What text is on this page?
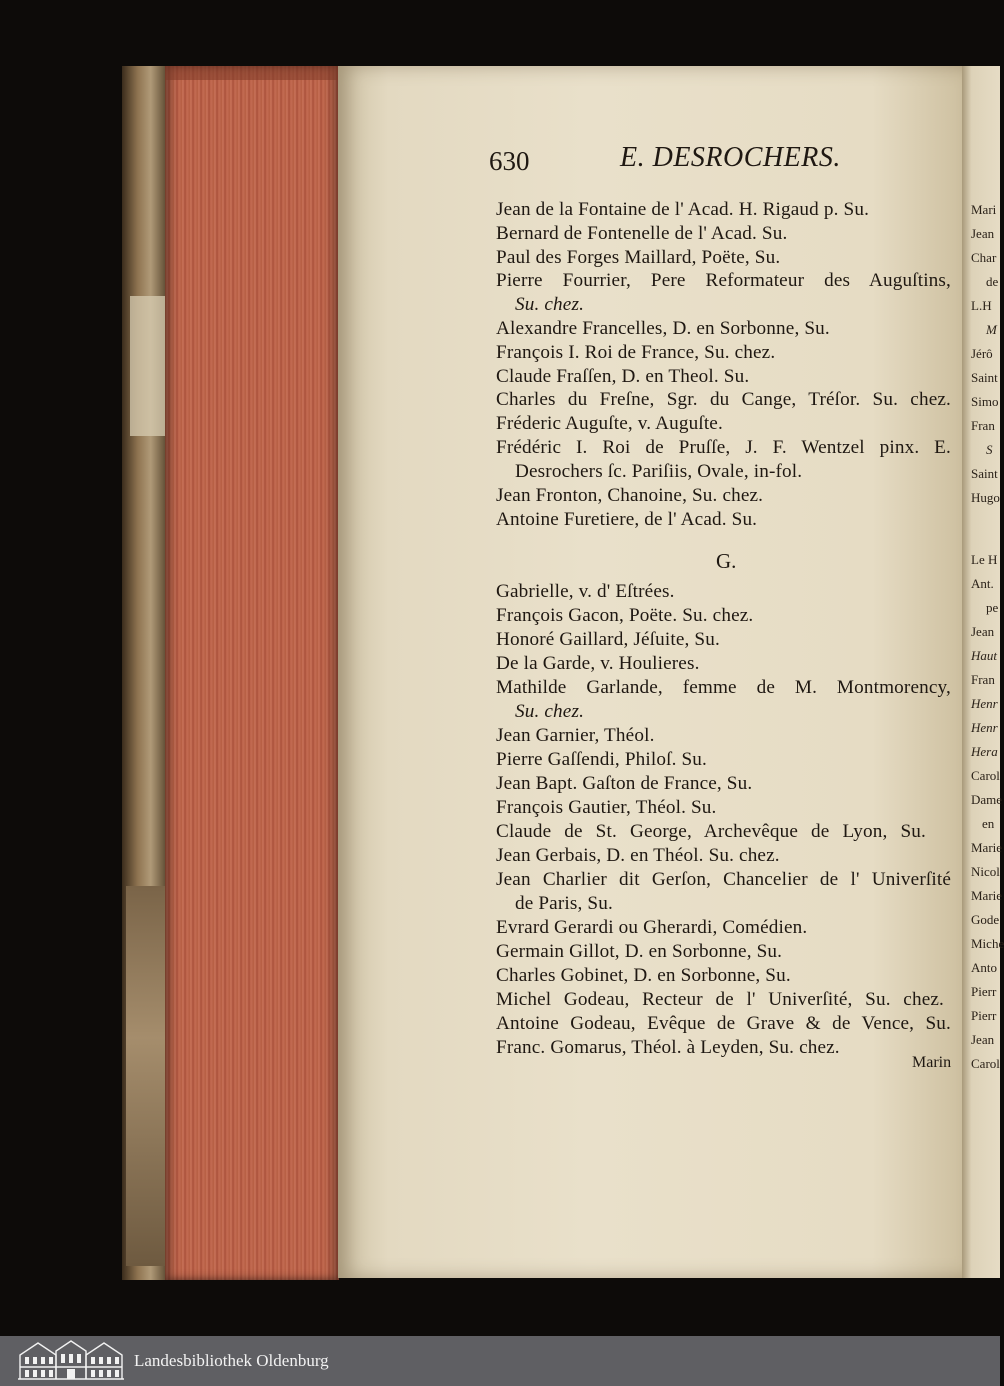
Mari
Jean
Char
de
L.H
M
Jérô
Saint
Simo
Fran
S
Saint
Hugo
Le H
Ant.
pe
Jean
Haut
Fran
Henr
Henr
Hera
Carol
Dame
en
Marie
Nicol
Marie
Gode
Miche
Anto
Pierr
Pierr
Jean
Carol
630	E. DESROCHERS.
Jean de la Fontaine de l' Acad. H. Rigaud p. Su.
Bernard de Fontenelle de l' Acad. Su.
Paul des Forges Maillard, Poëte, Su.
Pierre Fourrier, Pere Reformateur des Auguſtins,
Su. chez.
Alexandre Francelles, D. en Sorbonne, Su.
François I. Roi de France, Su. chez.
Claude Fraſſen, D. en Theol. Su.
Charles du Freſne, Sgr. du Cange, Tréſor. Su. chez.
Fréderic Auguſte, v. Auguſte.
Frédéric I. Roi de Pruſſe, J. F. Wentzel pinx. E.
Desrochers ſc. Pariſiis, Ovale, in-fol.
Jean Fronton, Chanoine, Su. chez.
Antoine Furetiere, de l' Acad. Su.
G.
Gabrielle, v. d' Eſtrées.
François Gacon, Poëte. Su. chez.
Honoré Gaillard, Jéſuite, Su.
De la Garde, v. Houlieres.
Mathilde Garlande, femme de M. Montmorency,
Su. chez.
Jean Garnier, Théol.
Pierre Gaſſendi, Philoſ. Su.
Jean Bapt. Gaſton de France, Su.
François Gautier, Théol. Su.
Claude de St. George, Archevêque de Lyon, Su.
Jean Gerbais, D. en Théol. Su. chez.
Jean Charlier dit Gerſon, Chancelier de l' Univerſité
de Paris, Su.
Evrard Gerardi ou Gherardi, Comédien.
Germain Gillot, D. en Sorbonne, Su.
Charles Gobinet, D. en Sorbonne, Su.
Michel Godeau, Recteur de l' Univerſité, Su. chez.
Antoine Godeau, Evêque de Grave & de Vence, Su.
Franc. Gomarus, Théol. à Leyden, Su. chez.
Marin
Landesbibliothek Oldenburg
